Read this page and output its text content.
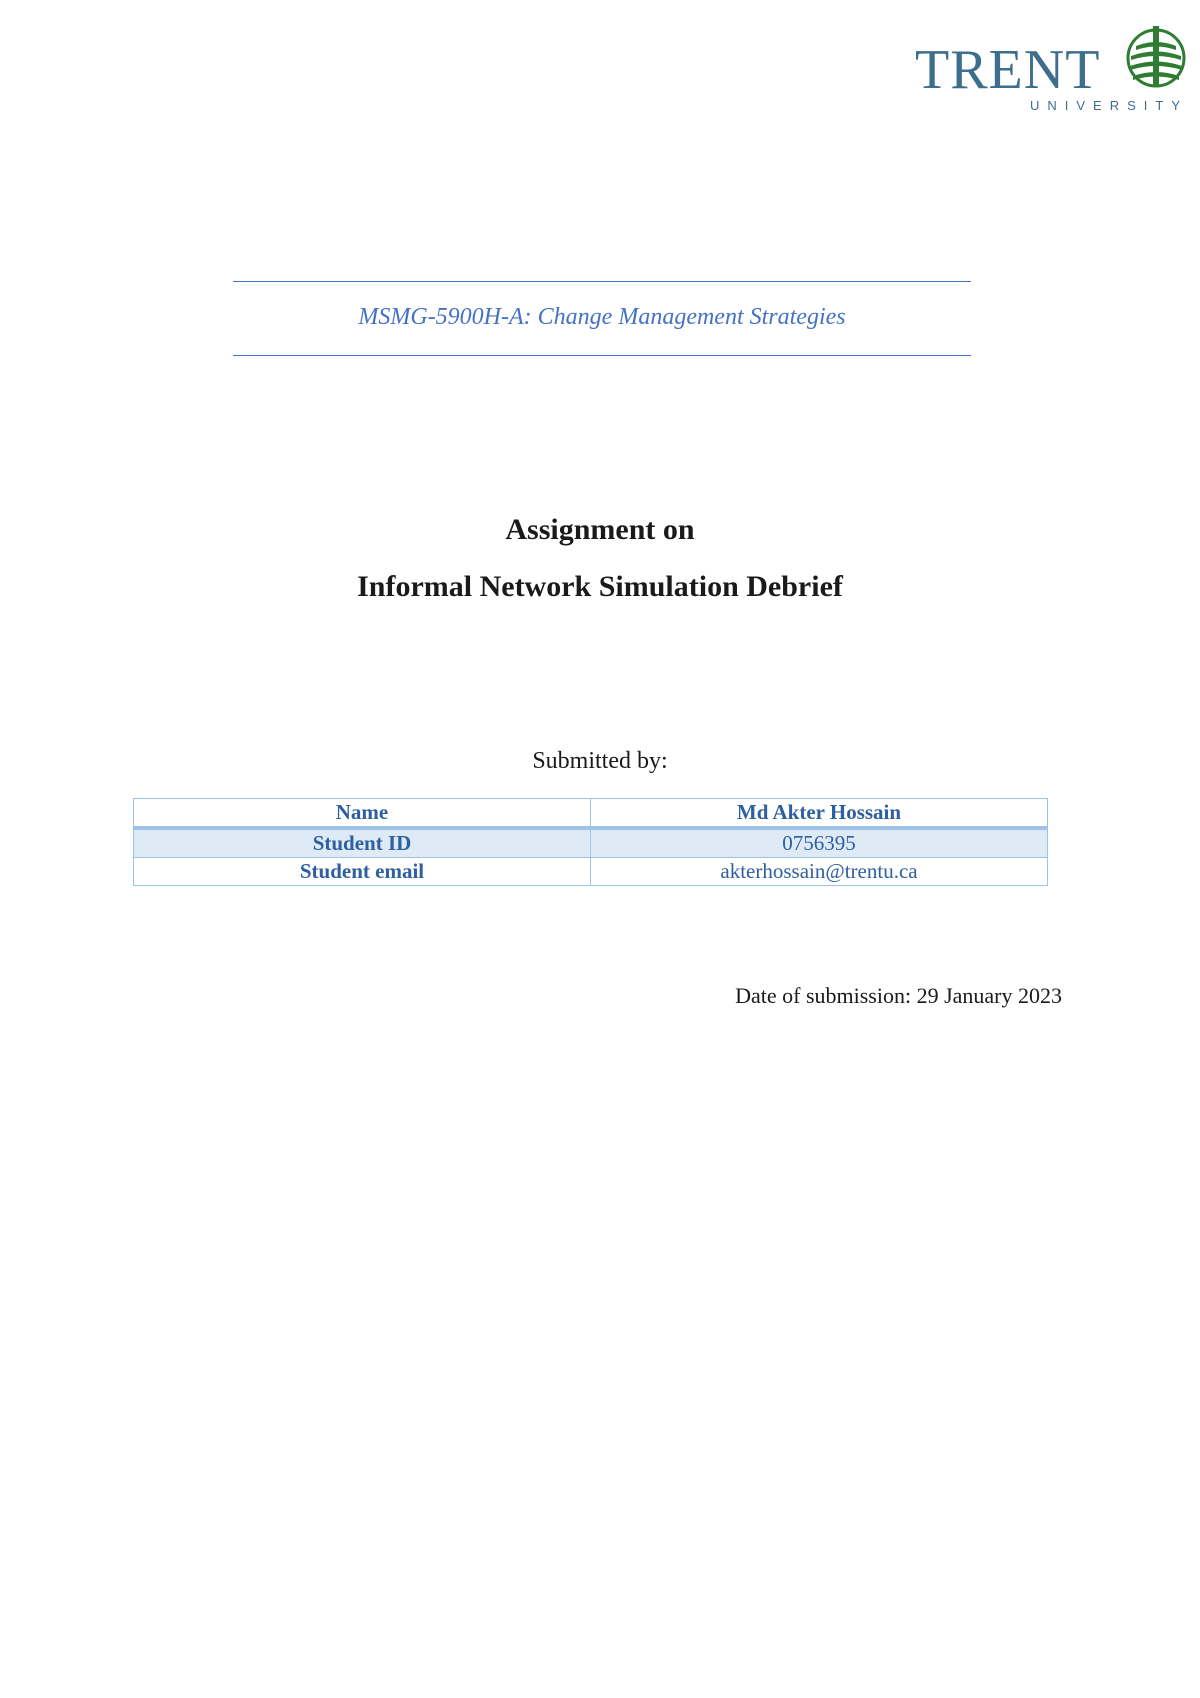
TRENT
UNIVERSITY
MSMG-5900H-A: Change Management Strategies
Assignment on
Informal Network Simulation Debrief
Submitted by:
Name	Md Akter Hossain
Student ID	0756395
Student email	akterhossain@trentu.ca
Date of submission: 29 January 2023
